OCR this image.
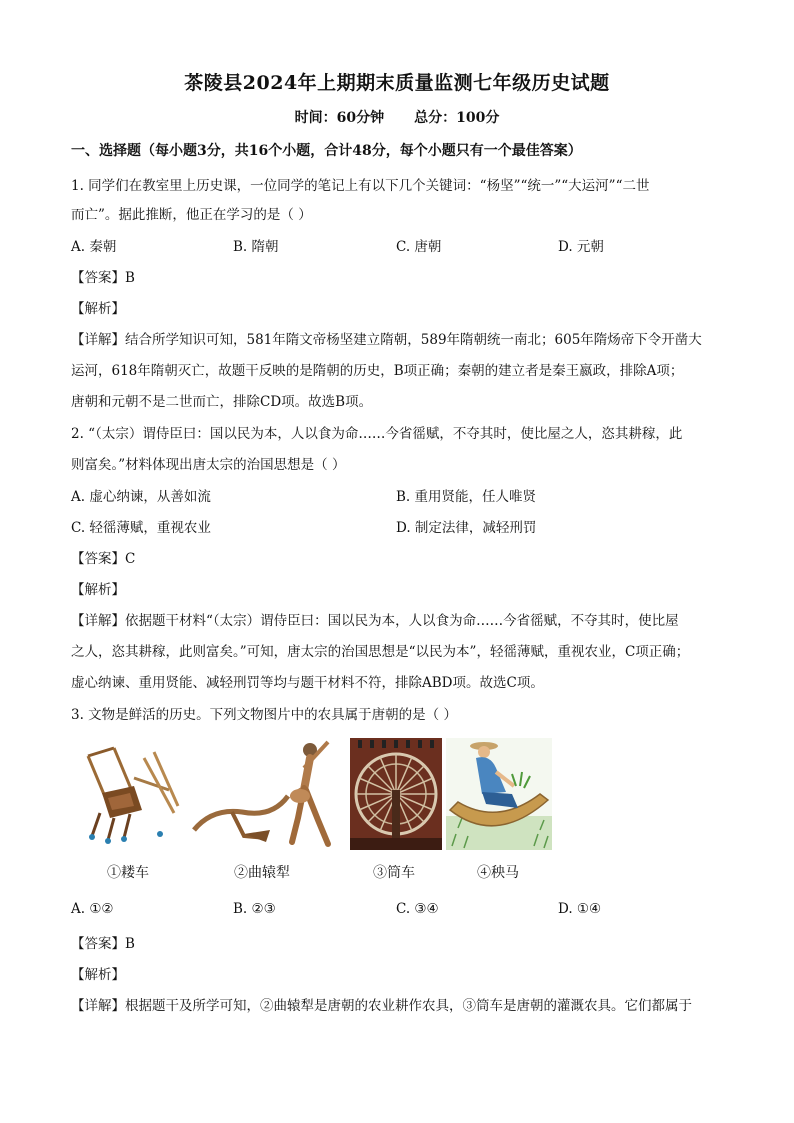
茶陵县2024年上期期末质量监测七年级历史试题
时间：60分钟 总分：100分
一、选择题（每小题3分，共16个小题，合计48分，每个小题只有一个最佳答案）
1. 同学们在教室里上历史课，一位同学的笔记上有以下几个关键词：“杨坚”“统一”“大运河”“二世
而亡”。据此推断，他正在学习的是（ ）
A. 秦朝	B. 隋朝	C. 唐朝	D. 元朝
【答案】B
【解析】
【详解】结合所学知识可知，581年隋文帝杨坚建立隋朝，589年隋朝统一南北；605年隋炀帝下令开凿大
运河，618年隋朝灭亡，故题干反映的是隋朝的历史，B项正确；秦朝的建立者是秦王嬴政，排除A项；
唐朝和元朝不是二世而亡，排除CD项。故选B项。
2. “（太宗）谓侍臣曰：国以民为本，人以食为命……今省徭赋，不夺其时，使比屋之人，恣其耕稼，此
则富矣。”材料体现出唐太宗的治国思想是（ ）
A. 虚心纳谏，从善如流	B. 重用贤能，任人唯贤
C. 轻徭薄赋，重视农业	D. 制定法律，减轻刑罚
【答案】C
【解析】
【详解】依据题干材料“（太宗）谓侍臣曰：国以民为本，人以食为命……今省徭赋，不夺其时，使比屋
之人，恣其耕稼，此则富矣。”可知，唐太宗的治国思想是“以民为本”，轻徭薄赋，重视农业，C项正确；
虚心纳谏、重用贤能、减轻刑罚等均与题干材料不符，排除ABD项。故选C项。
3. 文物是鲜活的历史。下列文物图片中的农具属于唐朝的是（ ）
①耧车	②曲辕犁	③筒车	④秧马
A. ①②	B. ②③	C. ③④	D. ①④
【答案】B
【解析】
【详解】根据题干及所学可知，②曲辕犁是唐朝的农业耕作农具，③筒车是唐朝的灌溉农具。它们都属于
